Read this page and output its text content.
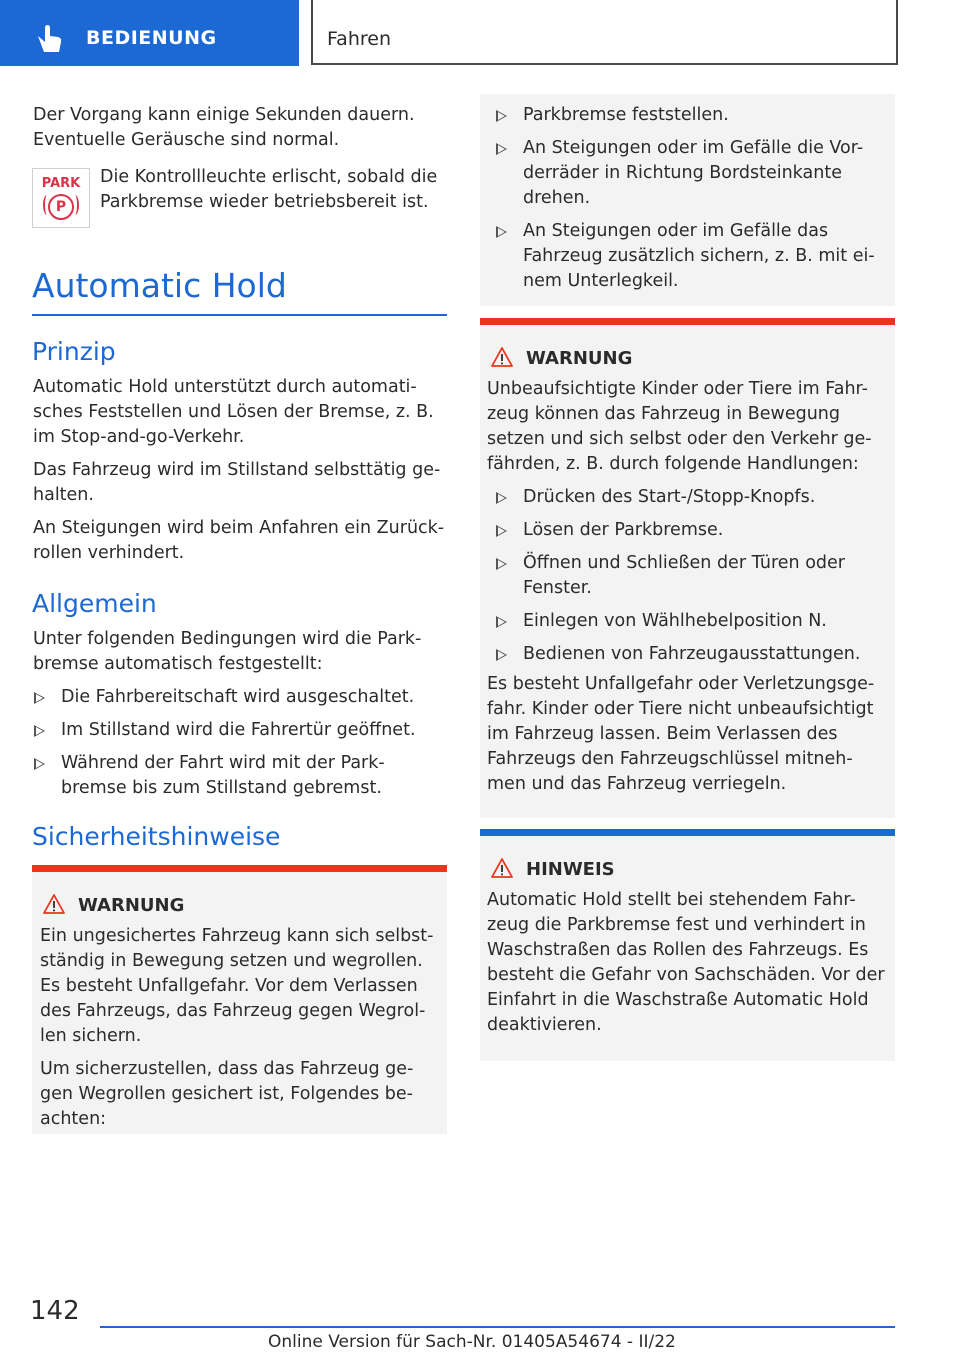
BEDIENUNG	Fahren
Der Vorgang kann einige Sekunden dauern.
Eventuelle Geräusche sind normal.
PARK
P
Die Kontrollleuchte erlischt, sobald die
Parkbremse wieder betriebsbereit ist.
Automatic Hold
Prinzip
Automatic Hold unterstützt durch automati-
sches Feststellen und Lösen der Bremse, z. B.
im Stop-and-go-Verkehr.
Das Fahrzeug wird im Stillstand selbsttätig ge-
halten.
An Steigungen wird beim Anfahren ein Zurück-
rollen verhindert.
Allgemein
Unter folgenden Bedingungen wird die Park-
bremse automatisch festgestellt:
Die Fahrbereitschaft wird ausgeschaltet.
Im Stillstand wird die Fahrertür geöffnet.
Während der Fahrt wird mit der Park-
bremse bis zum Stillstand gebremst.
Sicherheitshinweise
WARNUNG
Ein ungesichertes Fahrzeug kann sich selbst-
ständig in Bewegung setzen und wegrollen.
Es besteht Unfallgefahr. Vor dem Verlassen
des Fahrzeugs, das Fahrzeug gegen Wegrol-
len sichern.
Um sicherzustellen, dass das Fahrzeug ge-
gen Wegrollen gesichert ist, Folgendes be-
achten:
Parkbremse feststellen.
An Steigungen oder im Gefälle die Vor-
derräder in Richtung Bordsteinkante
drehen.
An Steigungen oder im Gefälle das
Fahrzeug zusätzlich sichern, z. B. mit ei-
nem Unterlegkeil.
WARNUNG
Unbeaufsichtigte Kinder oder Tiere im Fahr-
zeug können das Fahrzeug in Bewegung
setzen und sich selbst oder den Verkehr ge-
fährden, z. B. durch folgende Handlungen:
Drücken des Start-/Stopp-Knopfs.
Lösen der Parkbremse.
Öffnen und Schließen der Türen oder
Fenster.
Einlegen von Wählhebelposition N.
Bedienen von Fahrzeugausstattungen.
Es besteht Unfallgefahr oder Verletzungsge-
fahr. Kinder oder Tiere nicht unbeaufsichtigt
im Fahrzeug lassen. Beim Verlassen des
Fahrzeugs den Fahrzeugschlüssel mitneh-
men und das Fahrzeug verriegeln.
HINWEIS
Automatic Hold stellt bei stehendem Fahr-
zeug die Parkbremse fest und verhindert in
Waschstraßen das Rollen des Fahrzeugs. Es
besteht die Gefahr von Sachschäden. Vor der
Einfahrt in die Waschstraße Automatic Hold
deaktivieren.
142
Online Version für Sach-Nr. 01405A54674 - II/22
